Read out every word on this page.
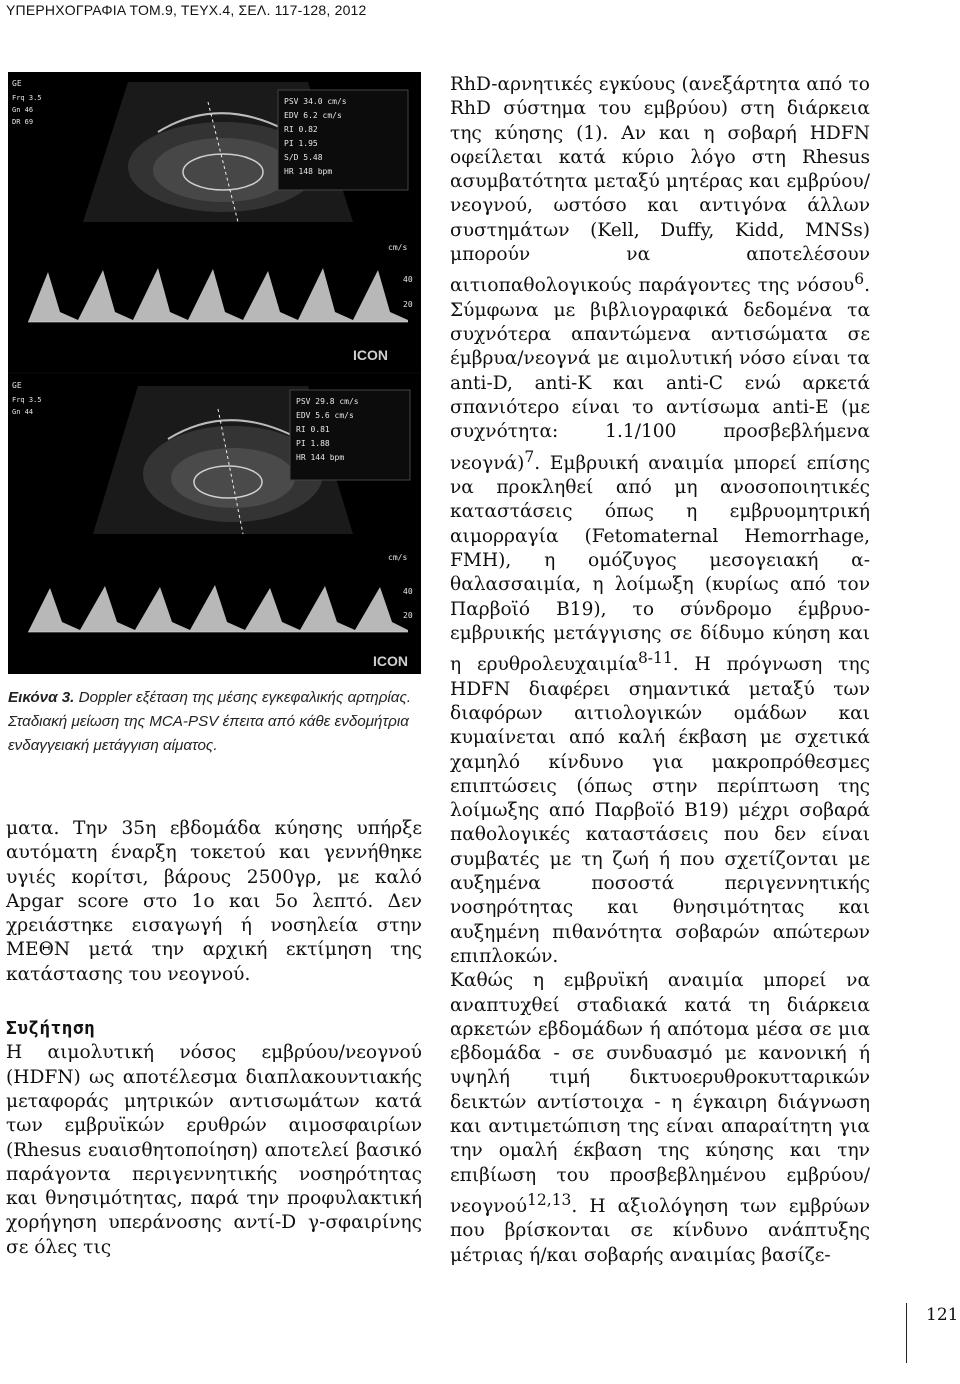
ΥΠΕΡΗΧΟΓΡΑΦΙΑ ΤΟΜ.9, ΤΕΥΧ.4, ΣΕΛ. 117-128, 2012
PSV 34.0 cm/s
EDV 6.2 cm/s
RI 0.82
PI 1.95
S/D 5.48
HR 148 bpm
GE
Frq 3.5
Gn 46
DR 69
cm/s
40
20
ICON
PSV 29.8 cm/s
EDV 5.6 cm/s
RI 0.81
PI 1.88
HR 144 bpm
GE
Frq 3.5
Gn 44
cm/s
40
20
ICON
Εικόνα 3. Doppler εξέταση της μέσης εγκεφαλικής αρτηρίας. Σταδιακή μείωση της MCA-PSV έπειτα από κάθε ενδομήτρια ενδαγγειακή μετάγγιση αίματος.

ματα. Την 35η εβδομάδα κύησης υπήρξε αυτόματη έναρξη τοκετού και γεννήθηκε υγιές κορίτσι, βάρους 2500γρ, με καλό Apgar score στο 1ο και 5ο λεπτό. Δεν χρειάστηκε εισαγωγή ή νοσηλεία στην ΜΕΘΝ μετά την αρχική εκτίμηση της κατάστασης του νεογνού.

Συζήτηση

Η αιμολυτική νόσος εμβρύου/νεογνού (HDFN) ως αποτέλεσμα διαπλακουντιακής μεταφοράς μητρικών αντισωμάτων κατά των εμβρυϊκών ερυθρών αιμοσφαιρίων (Rhesus ευαισθητοποίηση) αποτελεί βασικό παράγοντα περιγεννητικής νοσηρότητας και θνησιμότητας, παρά την προφυλακτική χορήγηση υπεράνοσης αντί-D γ-σφαιρίνης σε όλες τις

RhD-αρνητικές εγκύους (ανεξάρτητα από το RhD σύστημα του εμβρύου) στη διάρκεια της κύησης (1). Αν και η σοβαρή HDFN οφείλεται κατά κύριο λόγο στη Rhesus ασυμβατότητα μεταξύ μητέρας και εμβρύου/νεογνού, ωστόσο και αντιγόνα άλλων συστημάτων (Kell, Duffy, Kidd, MNSs) μπορούν να αποτελέσουν αιτιοπαθολογικούς παράγοντες της νόσου$^6$. Σύμφωνα με βιβλιογραφικά δεδομένα τα συχνότερα απαντώμενα αντισώματα σε έμβρυα/νεογνά με αιμολυτική νόσο είναι τα anti-D, anti-K και anti-C ενώ αρκετά σπανιότερο είναι το αντίσωμα anti-E (με συχνότητα: 1.1/100 προσβεβλήμενα νεογνά)$^7$. Εμβρυική αναιμία μπορεί επίσης να προκληθεί από μη ανοσοποιητικές καταστάσεις όπως η εμβρυομητρική αιμορραγία (Fetomaternal Hemorrhage, FMH), η ομόζυγος μεσογειακή α-θαλασσαιμία, η λοίμωξη (κυρίως από τον Παρβοϊό B19), το σύνδρομο έμβρυο-εμβρυικής μετάγγισης σε δίδυμο κύηση και η ερυθρολευχαιμία$^{8-11}$. Η πρόγνωση της HDFN διαφέρει σημαντικά μεταξύ των διαφόρων αιτιολογικών ομάδων και κυμαίνεται από καλή έκβαση με σχετικά χαμηλό κίνδυνο για μακροπρόθεσμες επιπτώσεις (όπως στην περίπτωση της λοίμωξης από Παρβοϊό B19) μέχρι σοβαρά παθολογικές καταστάσεις που δεν είναι συμβατές με τη ζωή ή που σχετίζονται με αυξημένα ποσοστά περιγεννητικής νοσηρότητας και θνησιμότητας και αυξημένη πιθανότητα σοβαρών απώτερων επιπλοκών.

Καθώς η εμβρυϊκή αναιμία μπορεί να αναπτυχθεί σταδιακά κατά τη διάρκεια αρκετών εβδομάδων ή απότομα μέσα σε μια εβδομάδα - σε συνδυασμό με κανονική ή υψηλή τιμή δικτυοερυθροκυτταρικών δεικτών αντίστοιχα - η έγκαιρη διάγνωση και αντιμετώπιση της είναι απαραίτητη για την ομαλή έκβαση της κύησης και την επιβίωση του προσβεβλημένου εμβρύου/νεογνού$^{12,13}$. Η αξιολόγηση των εμβρύων που βρίσκονται σε κίνδυνο ανάπτυξης μέτριας ή/και σοβαρής αναιμίας βασίζε-

121
